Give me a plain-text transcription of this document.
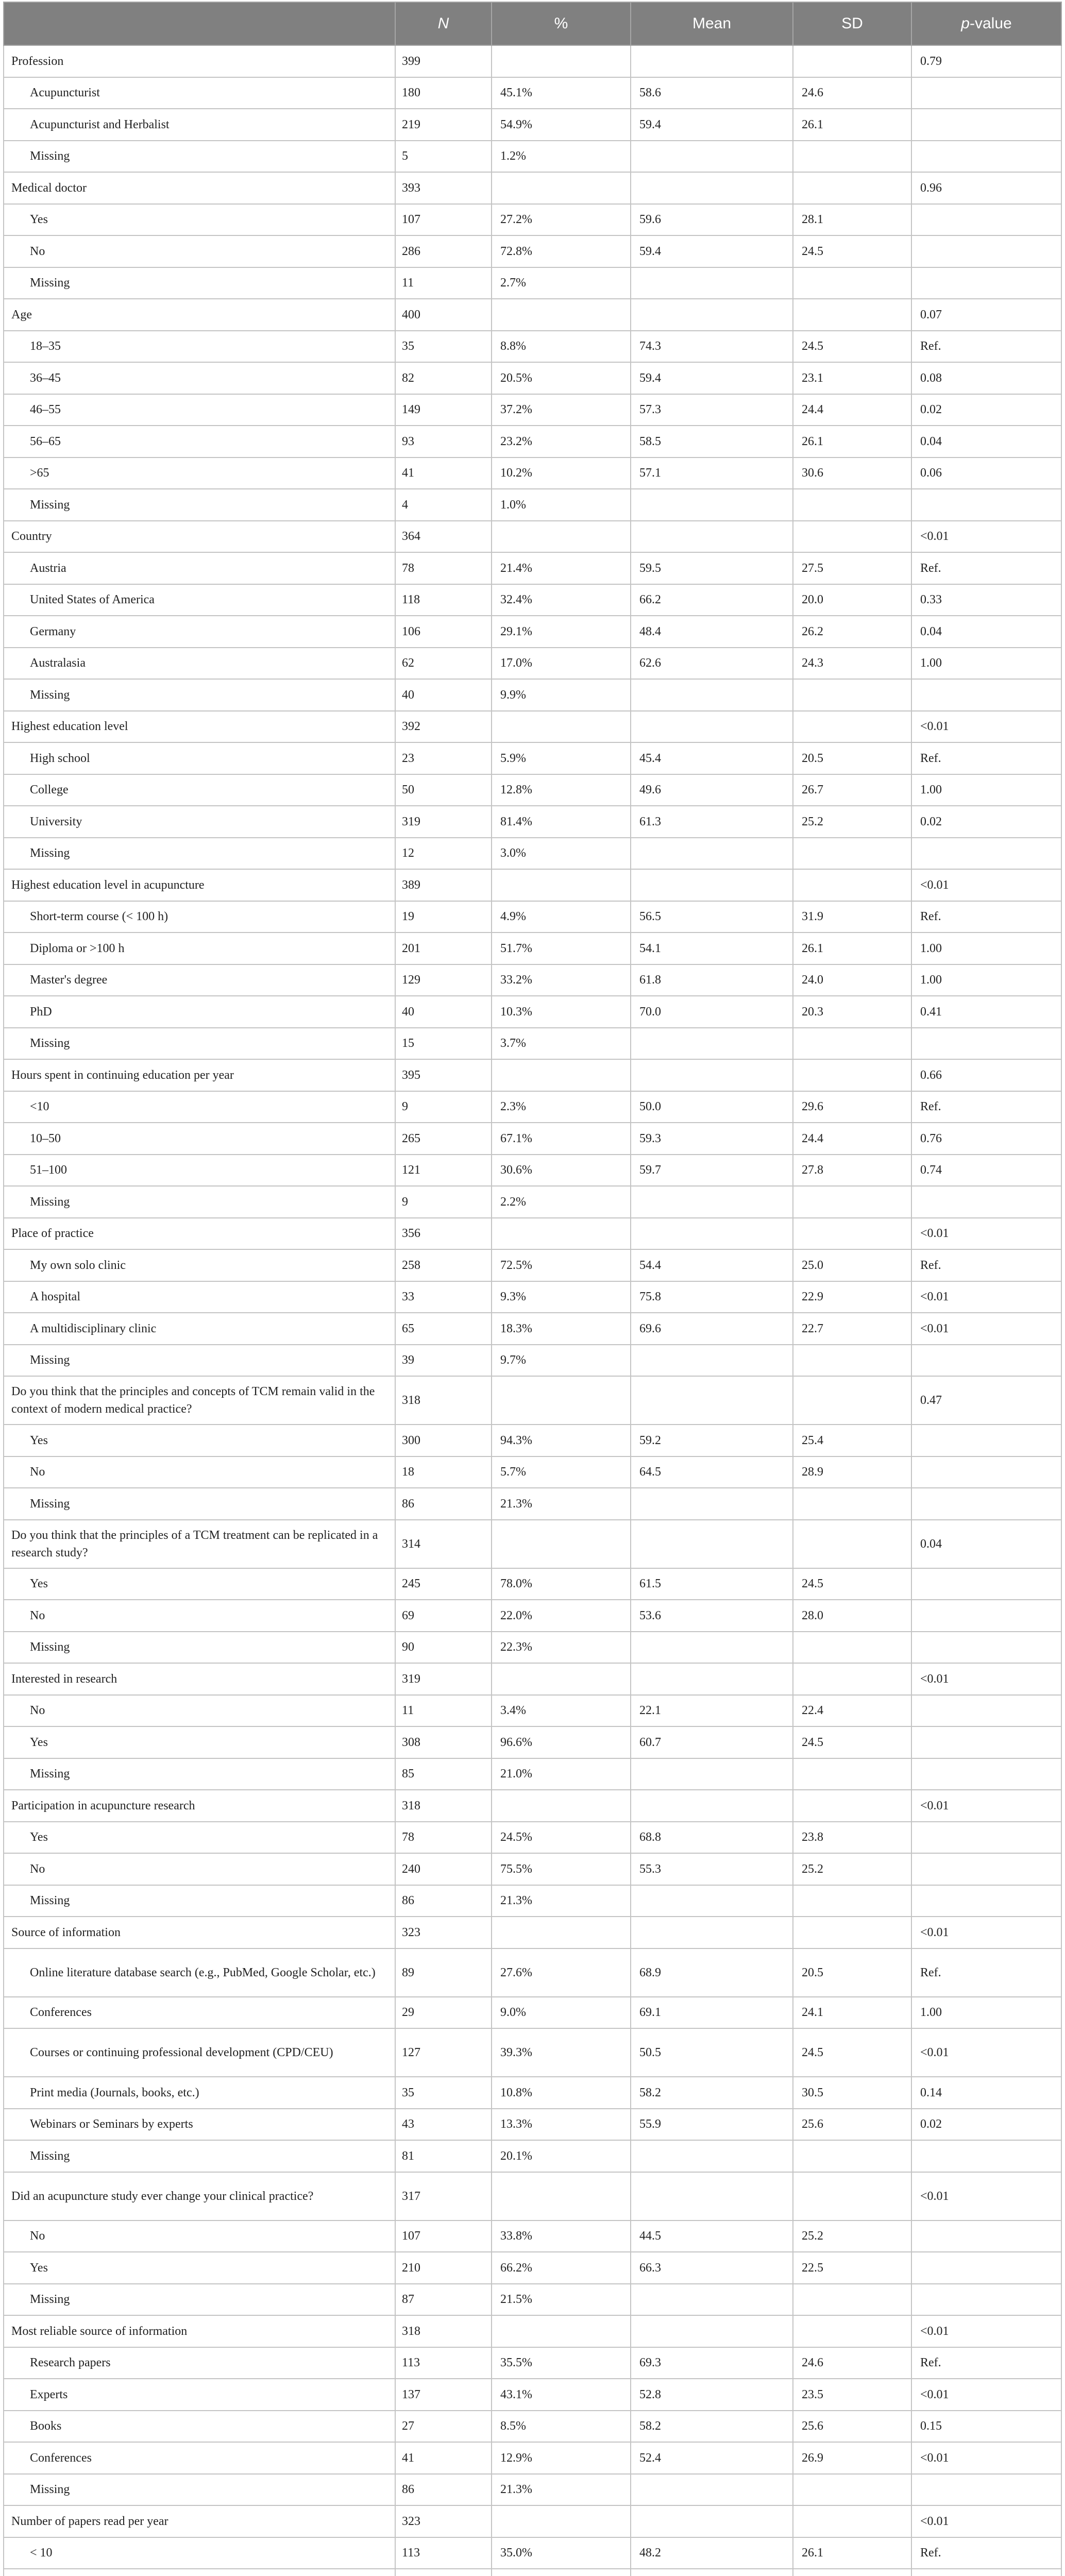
	N	%	Mean	SD	p-value
Profession	399				0.79
Acupuncturist	180	45.1%	58.6	24.6	
Acupuncturist and Herbalist	219	54.9%	59.4	26.1	
Missing	5	1.2%			
Medical doctor	393				0.96
Yes	107	27.2%	59.6	28.1	
No	286	72.8%	59.4	24.5	
Missing	11	2.7%			
Age	400				0.07
18–35	35	8.8%	74.3	24.5	Ref.
36–45	82	20.5%	59.4	23.1	0.08
46–55	149	37.2%	57.3	24.4	0.02
56–65	93	23.2%	58.5	26.1	0.04
>65	41	10.2%	57.1	30.6	0.06
Missing	4	1.0%			
Country	364				<0.01
Austria	78	21.4%	59.5	27.5	Ref.
United States of America	118	32.4%	66.2	20.0	0.33
Germany	106	29.1%	48.4	26.2	0.04
Australasia	62	17.0%	62.6	24.3	1.00
Missing	40	9.9%			
Highest education level	392				<0.01
High school	23	5.9%	45.4	20.5	Ref.
College	50	12.8%	49.6	26.7	1.00
University	319	81.4%	61.3	25.2	0.02
Missing	12	3.0%			
Highest education level in acupuncture	389				<0.01
Short-term course (< 100 h)	19	4.9%	56.5	31.9	Ref.
Diploma or >100 h	201	51.7%	54.1	26.1	1.00
Master's degree	129	33.2%	61.8	24.0	1.00
PhD	40	10.3%	70.0	20.3	0.41
Missing	15	3.7%			
Hours spent in continuing education per year	395				0.66
<10	9	2.3%	50.0	29.6	Ref.
10–50	265	67.1%	59.3	24.4	0.76
51–100	121	30.6%	59.7	27.8	0.74
Missing	9	2.2%			
Place of practice	356				<0.01
My own solo clinic	258	72.5%	54.4	25.0	Ref.
A hospital	33	9.3%	75.8	22.9	<0.01
A multidisciplinary clinic	65	18.3%	69.6	22.7	<0.01
Missing	39	9.7%			
Do you think that the principles and concepts of TCM remain valid in the context of modern medical practice?	318				0.47
Yes	300	94.3%	59.2	25.4	
No	18	5.7%	64.5	28.9	
Missing	86	21.3%			
Do you think that the principles of a TCM treatment can be replicated in a research study?	314				0.04
Yes	245	78.0%	61.5	24.5	
No	69	22.0%	53.6	28.0	
Missing	90	22.3%			
Interested in research	319				<0.01
No	11	3.4%	22.1	22.4	
Yes	308	96.6%	60.7	24.5	
Missing	85	21.0%			
Participation in acupuncture research	318				<0.01
Yes	78	24.5%	68.8	23.8	
No	240	75.5%	55.3	25.2	
Missing	86	21.3%			
Source of information	323				<0.01
Online literature database search (e.g., PubMed, Google Scholar, etc.)	89	27.6%	68.9	20.5	Ref.
Conferences	29	9.0%	69.1	24.1	1.00
Courses or continuing professional development (CPD/CEU)	127	39.3%	50.5	24.5	<0.01
Print media (Journals, books, etc.)	35	10.8%	58.2	30.5	0.14
Webinars or Seminars by experts	43	13.3%	55.9	25.6	0.02
Missing	81	20.1%			
Did an acupuncture study ever change your clinical practice?	317				<0.01
No	107	33.8%	44.5	25.2	
Yes	210	66.2%	66.3	22.5	
Missing	87	21.5%			
Most reliable source of information	318				<0.01
Research papers	113	35.5%	69.3	24.6	Ref.
Experts	137	43.1%	52.8	23.5	<0.01
Books	27	8.5%	58.2	25.6	0.15
Conferences	41	12.9%	52.4	26.9	<0.01
Missing	86	21.3%			
Number of papers read per year	323				<0.01
< 10	113	35.0%	48.2	26.1	Ref.
